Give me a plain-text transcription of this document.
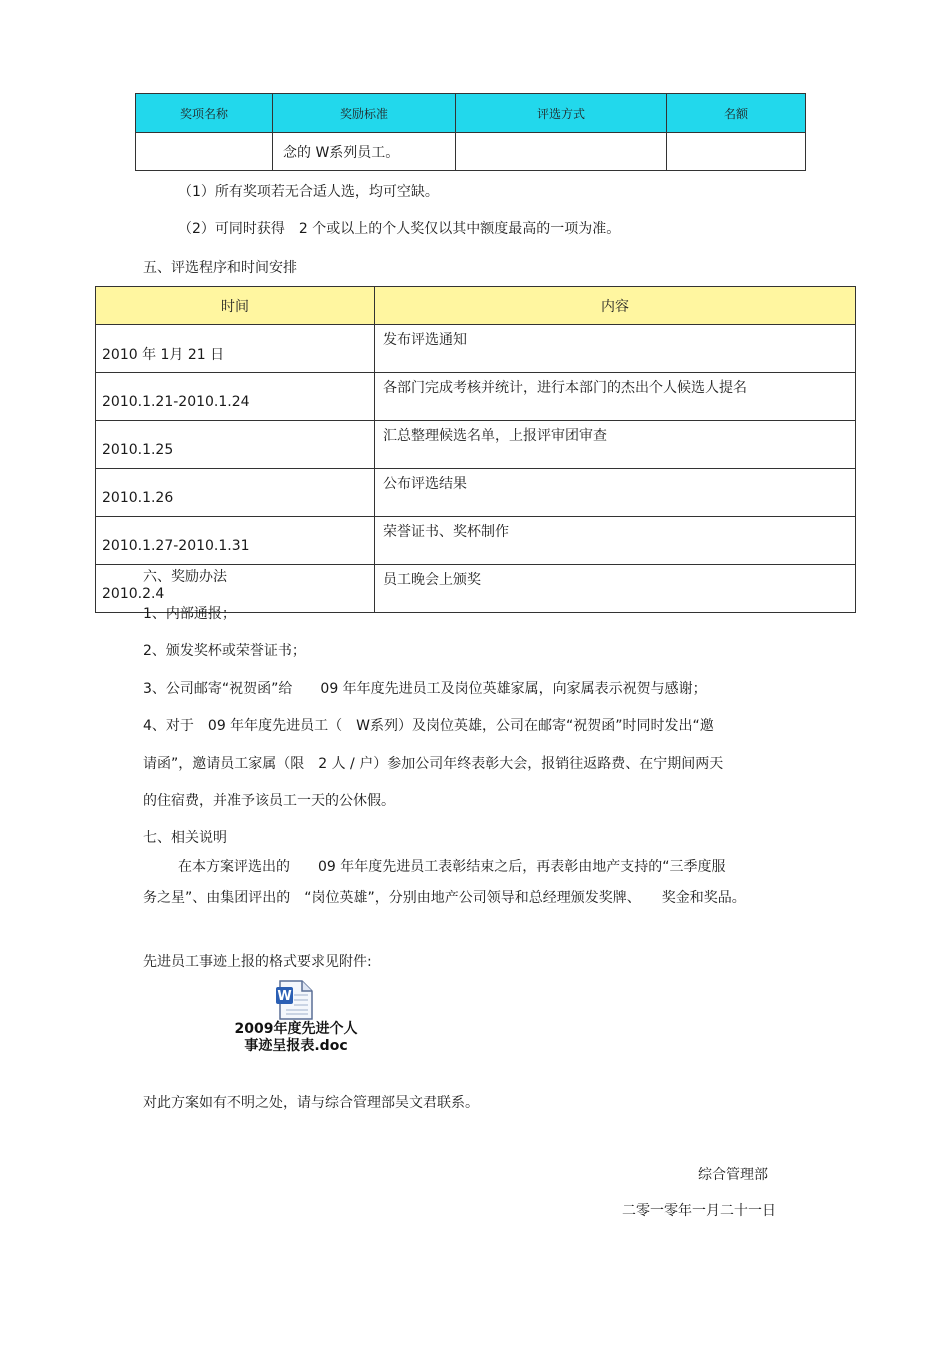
奖项名称	奖励标准	评选方式	名额
	念的 W系列员工。		
（1）所有奖项若无合适人选，均可空缺。
（2）可同时获得　2 个或以上的个人奖仅以其中额度最高的一项为准。
五、评选程序和时间安排
时间	内容
2010 年 1月 21 日	发布评选通知
2010.1.21-2010.1.24	各部门完成考核并统计，进行本部门的杰出个人候选人提名
2010.1.25	汇总整理候选名单，上报评审团审查
2010.1.26	公布评选结果
2010.1.27-2010.1.31	荣誉证书、奖杯制作
2010.2.4	员工晚会上颁奖
六、奖励办法
1、内部通报；
2、颁发奖杯或荣誉证书；
3、公司邮寄“祝贺函”给　　09 年年度先进员工及岗位英雄家属，向家属表示祝贺与感谢；
4、对于　09 年年度先进员工（　W系列）及岗位英雄，公司在邮寄“祝贺函”时同时发出“邀
请函”，邀请员工家属（限　2 人 / 户）参加公司年终表彰大会，报销往返路费、在宁期间两天
的住宿费，并准予该员工一天的公休假。
七、相关说明
在本方案评选出的　　09 年年度先进员工表彰结束之后，再表彰由地产支持的“三季度服
务之星”、由集团评出的　“岗位英雄”，分别由地产公司领导和总经理颁发奖牌、　　奖金和奖品。
先进员工事迹上报的格式要求见附件:
W
2009年度先进个人
事迹呈报表.doc
对此方案如有不明之处，请与综合管理部吴文君联系。
综合管理部
二零一零年一月二十一日
